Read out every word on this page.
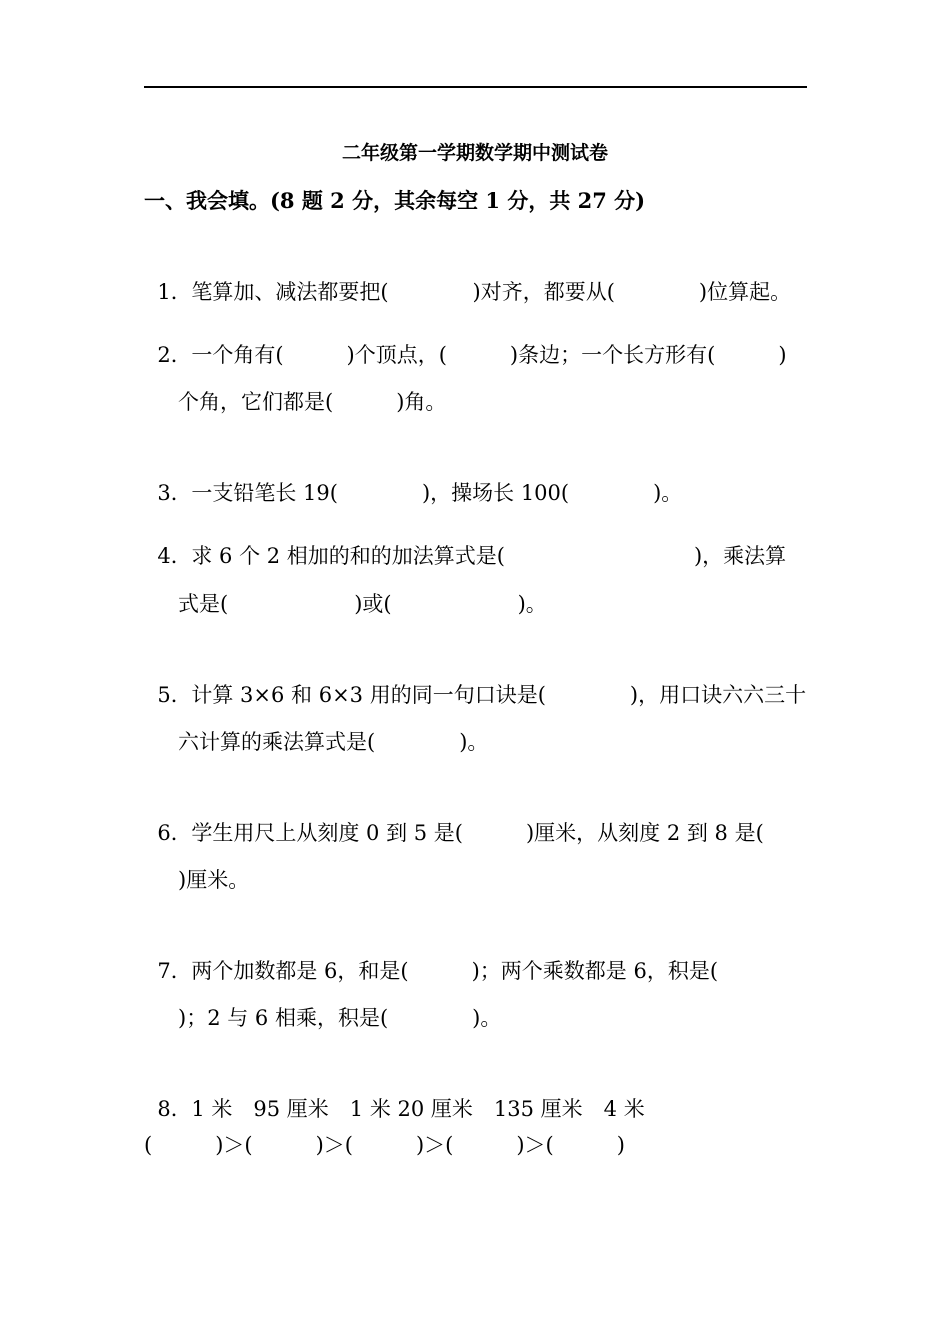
二年级第一学期数学期中测试卷
一、我会填。(8 题 2 分，其余每空 1 分，共 27 分)

1．笔算加、减法都要把(　　　　)对齐，都要从(　　　　)位算起。

2．一个角有(　　　)个顶点，(　　　)条边；一个长方形有(　　　)

个角，它们都是(　　　)角。

3．一支铅笔长 19(　　　　)，操场长 100(　　　　)。

4．求 6 个 2 相加的和的加法算式是(　　　　　　　　　)，乘法算

式是(　　　　　　)或(　　　　　　)。

5．计算 3×6 和 6×3 用的同一句口诀是(　　　　)，用口诀六六三十

六计算的乘法算式是(　　　　)。

6．学生用尺上从刻度 0 到 5 是(　　　)厘米，从刻度 2 到 8 是(

)厘米。

7．两个加数都是 6，和是(　　　)；两个乘数都是 6，积是(

)；2 与 6 相乘，积是(　　　　)。

8．1 米　95 厘米　1 米 20 厘米　135 厘米　4 米

(　　　)＞(　　　)＞(　　　)＞(　　　)＞(　　　)
